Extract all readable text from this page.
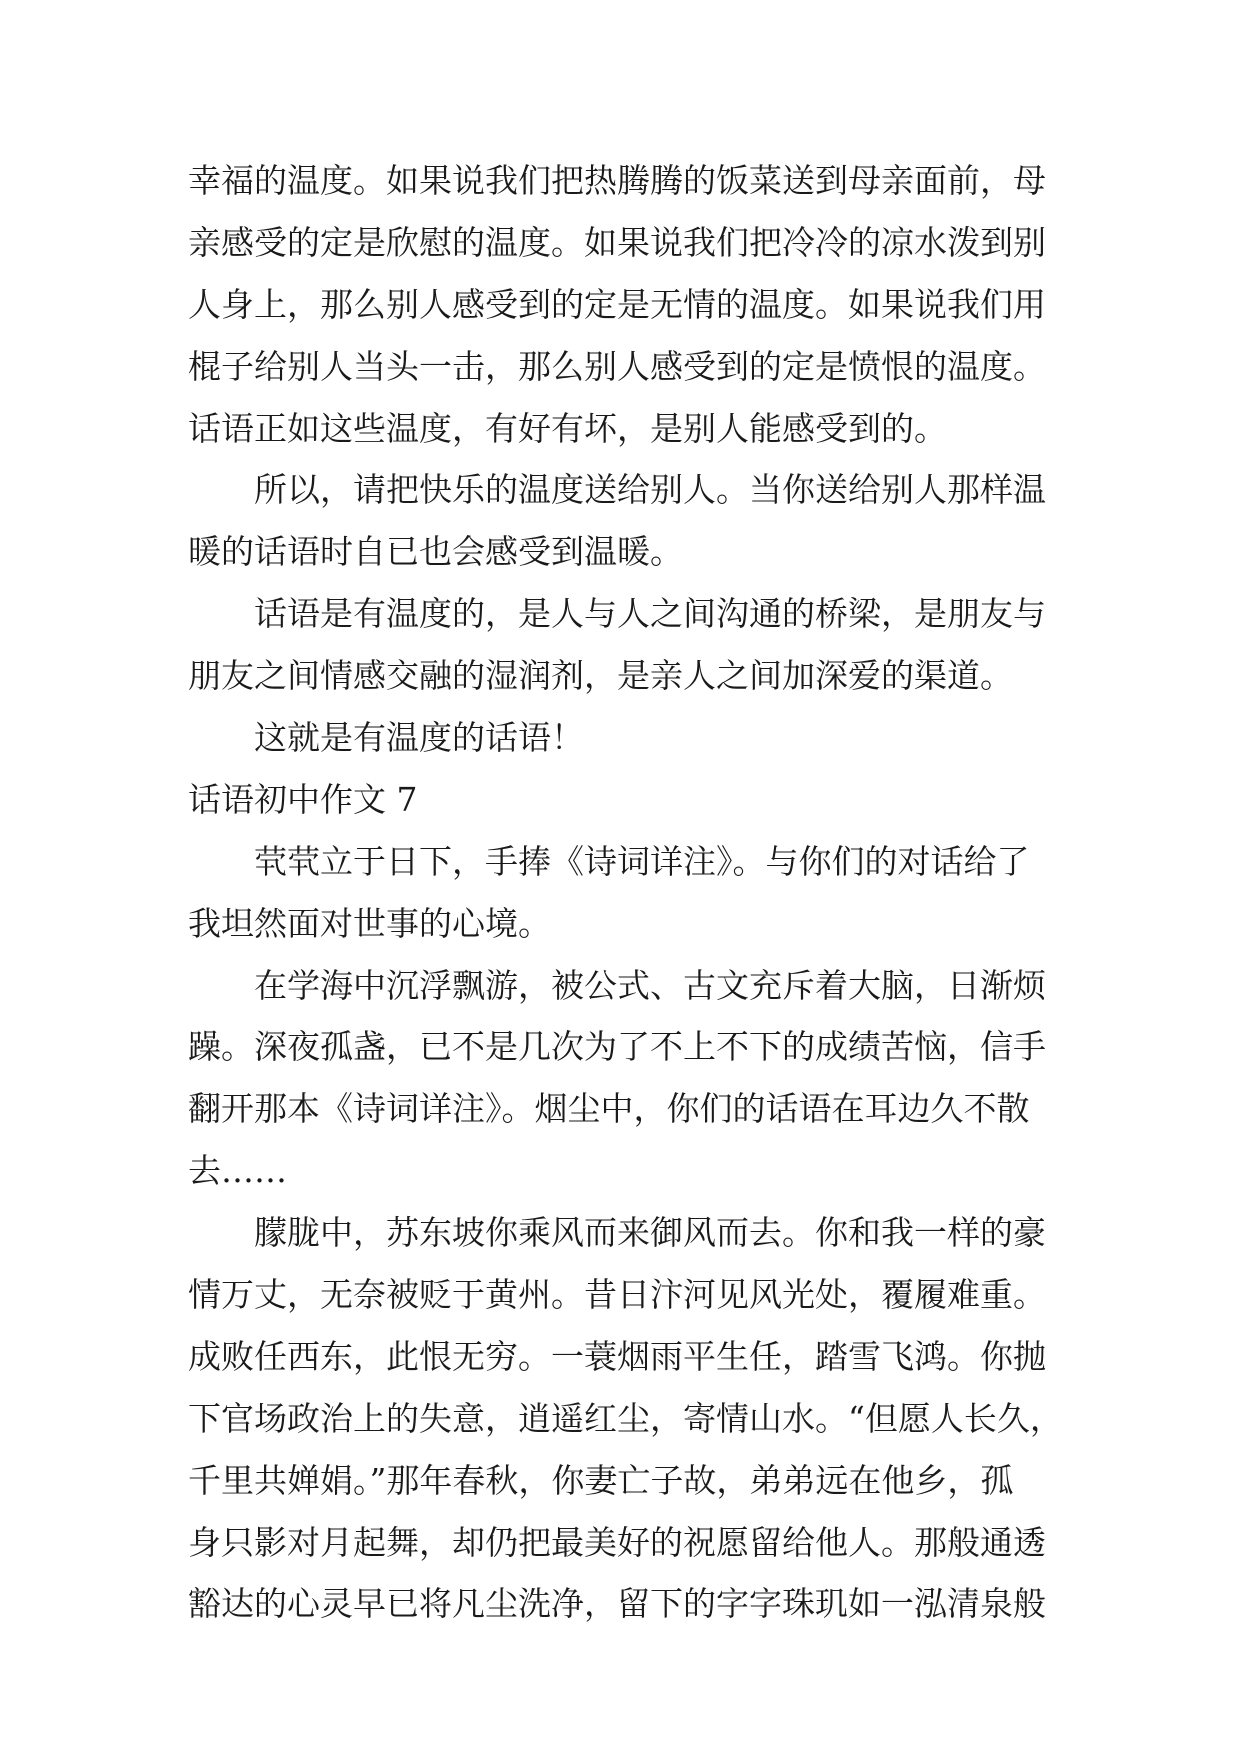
幸福的温度。如果说我们把热腾腾的饭菜送到母亲面前，母
亲感受的定是欣慰的温度。如果说我们把冷冷的凉水泼到别
人身上，那么别人感受到的定是无情的温度。如果说我们用
棍子给别人当头一击，那么别人感受到的定是愤恨的温度。
话语正如这些温度，有好有坏，是别人能感受到的。
所以，请把快乐的温度送给别人。当你送给别人那样温
暖的话语时自已也会感受到温暖。
话语是有温度的，是人与人之间沟通的桥梁，是朋友与
朋友之间情感交融的湿润剂，是亲人之间加深爱的渠道。
这就是有温度的话语！
话语初中作文 7
茕茕立于日下，手捧《诗词详注》。与你们的对话给了
我坦然面对世事的心境。
在学海中沉浮飘游，被公式、古文充斥着大脑，日渐烦
躁。深夜孤盏，已不是几次为了不上不下的成绩苦恼，信手
翻开那本《诗词详注》。烟尘中，你们的话语在耳边久不散
去……
朦胧中，苏东坡你乘风而来御风而去。你和我一样的豪
情万丈，无奈被贬于黄州。昔日汴河见风光处，覆履难重。
成败任西东，此恨无穷。一蓑烟雨平生任，踏雪飞鸿。你抛
下官场政治上的失意，逍遥红尘，寄情山水。“但愿人长久，
千里共婵娟。”那年春秋，你妻亡子故，弟弟远在他乡，孤
身只影对月起舞，却仍把最美好的祝愿留给他人。那般通透
豁达的心灵早已将凡尘洗净，留下的字字珠玑如一泓清泉般
